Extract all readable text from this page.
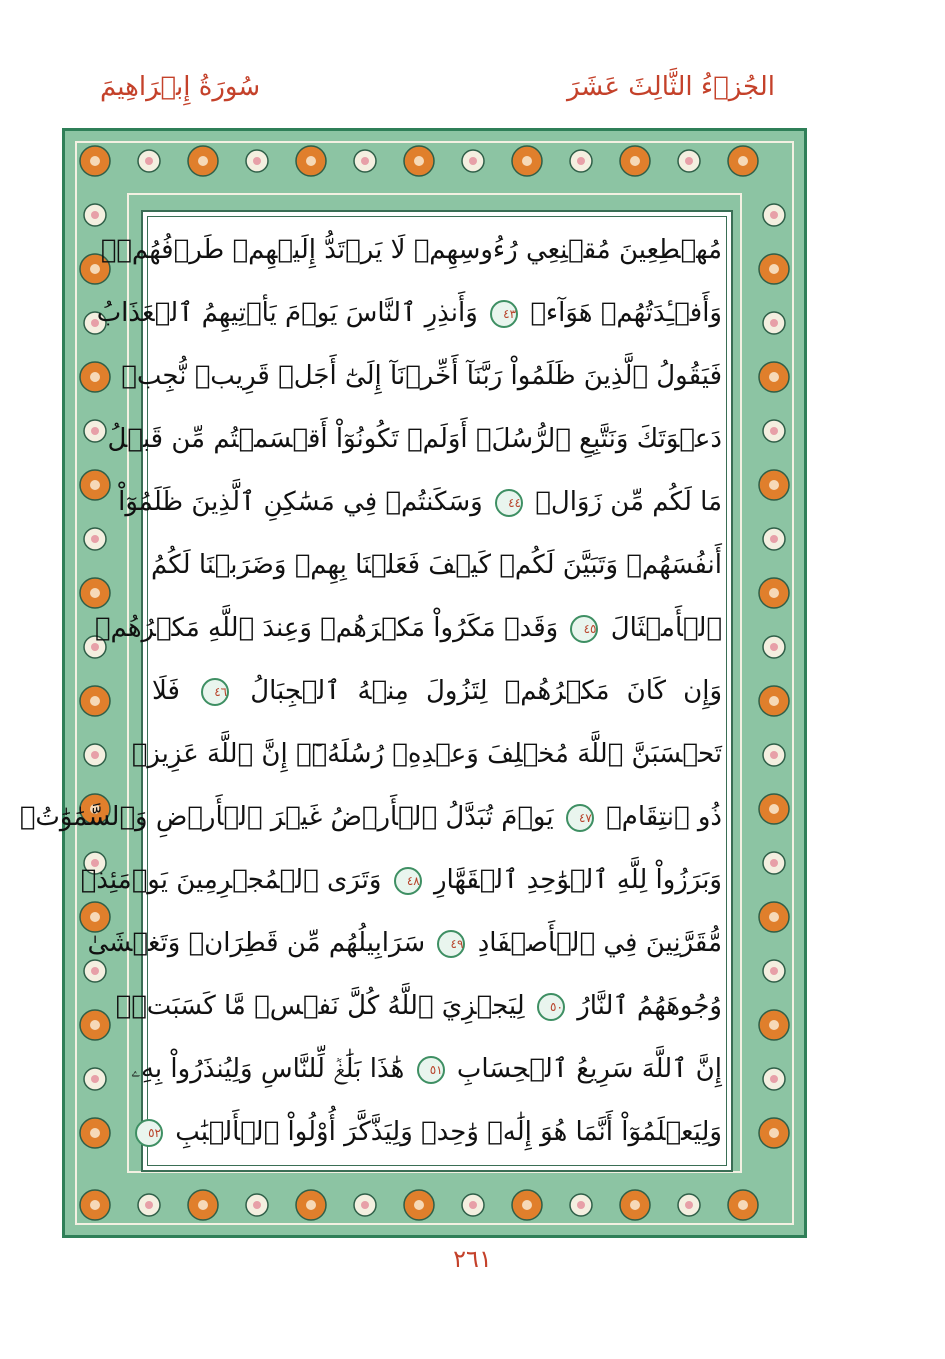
سُورَةُ إِبۡرَاهِيمَ	الجُزۡءُ الثَّالِثَ عَشَرَ
مُهۡطِعِينَ مُقۡنِعِي رُءُوسِهِمۡ لَا يَرۡتَدُّ إِلَيۡهِمۡ طَرۡفُهُمۡۖ
وَأَفۡـِٔدَتُهُمۡ هَوَآءٞ ٤٣ وَأَنذِرِ ٱلنَّاسَ يَوۡمَ يَأۡتِيهِمُ ٱلۡعَذَابُ
فَيَقُولُ ٱلَّذِينَ ظَلَمُواْ رَبَّنَآ أَخِّرۡنَآ إِلَىٰٓ أَجَلٖ قَرِيبٖ نُّجِبۡ
دَعۡوَتَكَ وَنَتَّبِعِ ٱلرُّسُلَۗ أَوَلَمۡ تَكُونُوٓاْ أَقۡسَمۡتُم مِّن قَبۡلُ
مَا لَكُم مِّن زَوَالٖ ٤٤ وَسَكَنتُمۡ فِي مَسَٰكِنِ ٱلَّذِينَ ظَلَمُوٓاْ
أَنفُسَهُمۡ وَتَبَيَّنَ لَكُمۡ كَيۡفَ فَعَلۡنَا بِهِمۡ وَضَرَبۡنَا لَكُمُ
ٱلۡأَمۡثَالَ ٤٥ وَقَدۡ مَكَرُواْ مَكۡرَهُمۡ وَعِندَ ٱللَّهِ مَكۡرُهُمۡ
وَإِن كَانَ مَكۡرُهُمۡ لِتَزُولَ مِنۡهُ ٱلۡجِبَالُ ٤٦ فَلَا
تَحۡسَبَنَّ ٱللَّهَ مُخۡلِفَ وَعۡدِهِۦ رُسُلَهُۥٓۚ إِنَّ ٱللَّهَ عَزِيزٞ
ذُو ٱنتِقَامٖ ٤٧ يَوۡمَ تُبَدَّلُ ٱلۡأَرۡضُ غَيۡرَ ٱلۡأَرۡضِ وَٱلسَّمَٰوَٰتُۖ
وَبَرَزُواْ لِلَّهِ ٱلۡوَٰحِدِ ٱلۡقَهَّارِ ٤٨ وَتَرَى ٱلۡمُجۡرِمِينَ يَوۡمَئِذٖ
مُّقَرَّنِينَ فِي ٱلۡأَصۡفَادِ ٤٩ سَرَابِيلُهُم مِّن قَطِرَانٖ وَتَغۡشَىٰ
وُجُوهَهُمُ ٱلنَّارُ ٥٠ لِيَجۡزِيَ ٱللَّهُ كُلَّ نَفۡسٖ مَّا كَسَبَتۡۚ
إِنَّ ٱللَّهَ سَرِيعُ ٱلۡحِسَابِ ٥١ هَٰذَا بَلَٰغٞ لِّلنَّاسِ وَلِيُنذَرُواْ بِهِۦ
وَلِيَعۡلَمُوٓاْ أَنَّمَا هُوَ إِلَٰهٞ وَٰحِدٞ وَلِيَذَّكَّرَ أُوْلُواْ ٱلۡأَلۡبَٰبِ ٥٢
٢٦١
